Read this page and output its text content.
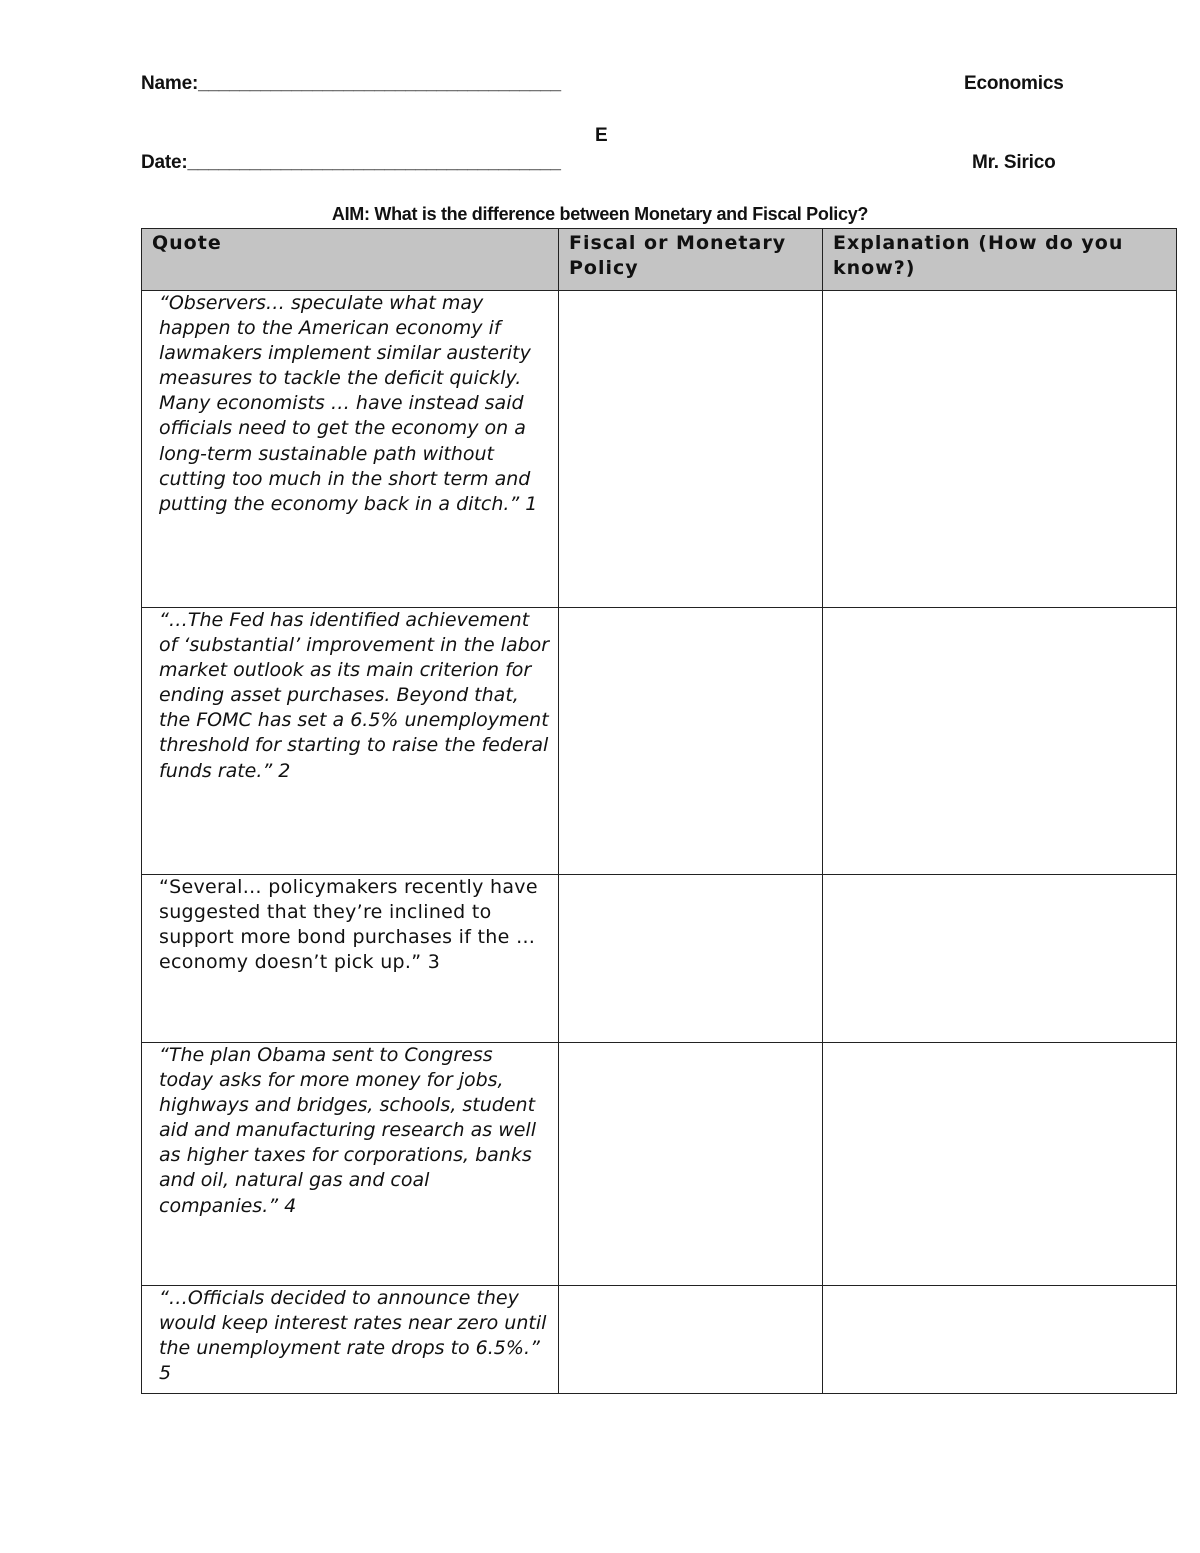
Name:___________________________________	Economics
E
Date:____________________________________	Mr. Sirico
AIM: What is the difference between Monetary and Fiscal Policy?
Quote	Fiscal or Monetary Policy	Explanation (How do you know?)
“Observers… speculate what may happen to the American economy if lawmakers implement similar austerity measures to tackle the deficit quickly. Many economists … have instead said officials need to get the economy on a long-term sustainable path without cutting too much in the short term and putting the economy back in a ditch.” 1		
“…The Fed has identified achievement of ‘substantial’ improvement in the labor market outlook as its main criterion for ending asset purchases. Beyond that, the FOMC has set a 6.5% unemployment threshold for starting to raise the federal funds rate.” 2		
“Several… policymakers recently have suggested that they’re inclined to support more bond purchases if the …economy doesn’t pick up.” 3		
“The plan Obama sent to Congress today asks for more money for jobs, highways and bridges, schools, student aid and manufacturing research as well as higher taxes for corporations, banks and oil, natural gas and coal companies.” 4		
“…Officials decided to announce they would keep interest rates near zero until the unemployment rate drops to 6.5%.” 5		
